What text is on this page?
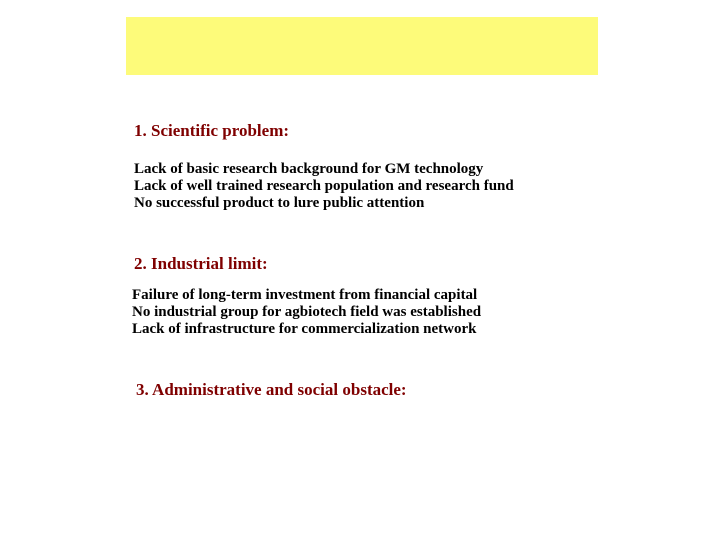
1. Scientific problem:
Lack of basic research background for GM technology
Lack of well trained research population and research fund
No successful product to lure public attention
2. Industrial limit:
Failure of long-term investment from financial capital
No industrial group for agbiotech field was established
Lack of infrastructure for commercialization network
3. Administrative and social obstacle:
